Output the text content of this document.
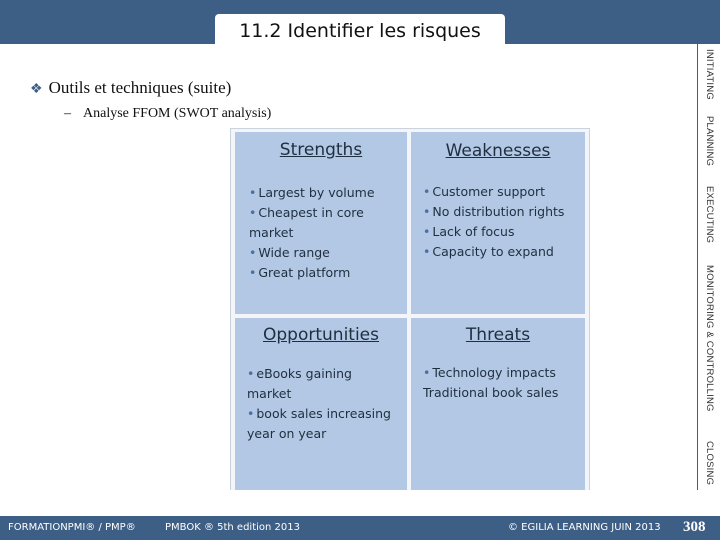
11.2 Identifier les risques
INITIATING
PLANNING
EXECUTING
MONITORING & CONTROLLING
CLOSING
❖ Outils et techniques (suite)
– Analyse FFOM (SWOT analysis)
Strengths
• Largest by volume
• Cheapest in core market
• Wide range
• Great platform
Weaknesses
• Customer support
• No distribution rights
• Lack of focus
• Capacity to expand
Opportunities
• eBooks gaining market
• book sales increasing year on year
Threats
• Technology impacts Traditional book sales
FORMATIONPMI® / PMP®	PMBOK ® 5th edition 2013	© EGILIA LEARNING JUIN 2013 308
